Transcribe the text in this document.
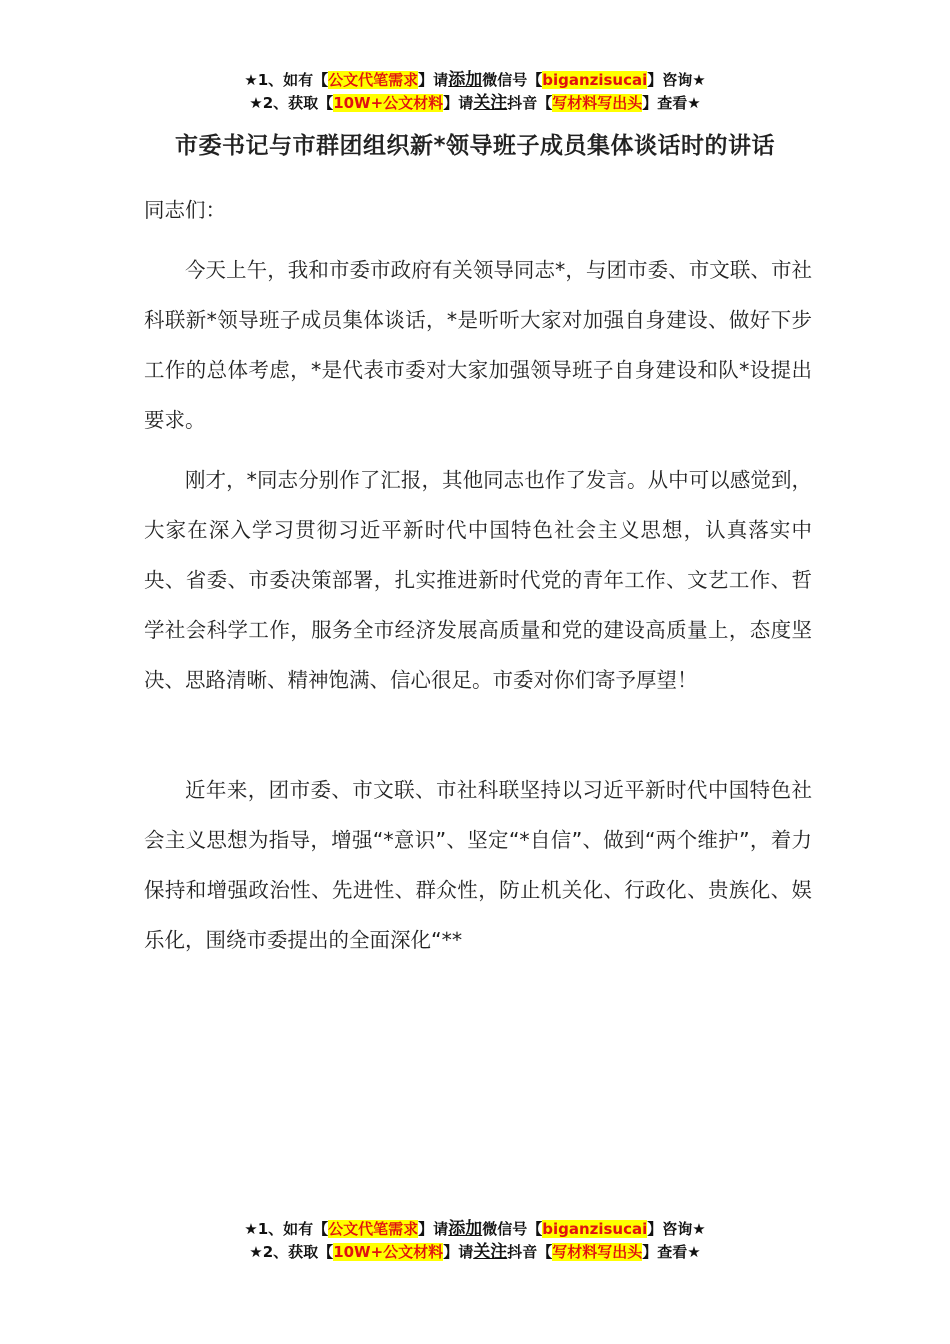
★1、如有【公文代笔需求】请添加微信号【biganzisucai】咨询★
★2、获取【10W+公文材料】请关注抖音【写材料写出头】查看★
市委书记与市群团组织新*领导班子成员集体谈话时的讲话
同志们：

今天上午，我和市委市政府有关领导同志*，与团市委、市文联、市社科联新*领导班子成员集体谈话，*是听听大家对加强自身建设、做好下步工作的总体考虑，*是代表市委对大家加强领导班子自身建设和队*设提出要求。

刚才，*同志分别作了汇报，其他同志也作了发言。从中可以感觉到，大家在深入学习贯彻习近平新时代中国特色社会主义思想，认真落实中央、省委、市委决策部署，扎实推进新时代党的青年工作、文艺工作、哲学社会科学工作，服务全市经济发展高质量和党的建设高质量上，态度坚决、思路清晰、精神饱满、信心很足。市委对你们寄予厚望！

近年来，团市委、市文联、市社科联坚持以习近平新时代中国特色社会主义思想为指导，增强“*意识”、坚定“*自信”、做到“两个维护”，着力保持和增强政治性、先进性、群众性，防止机关化、行政化、贵族化、娱乐化，围绕市委提出的全面深化“**

★1、如有【公文代笔需求】请添加微信号【biganzisucai】咨询★
★2、获取【10W+公文材料】请关注抖音【写材料写出头】查看★
